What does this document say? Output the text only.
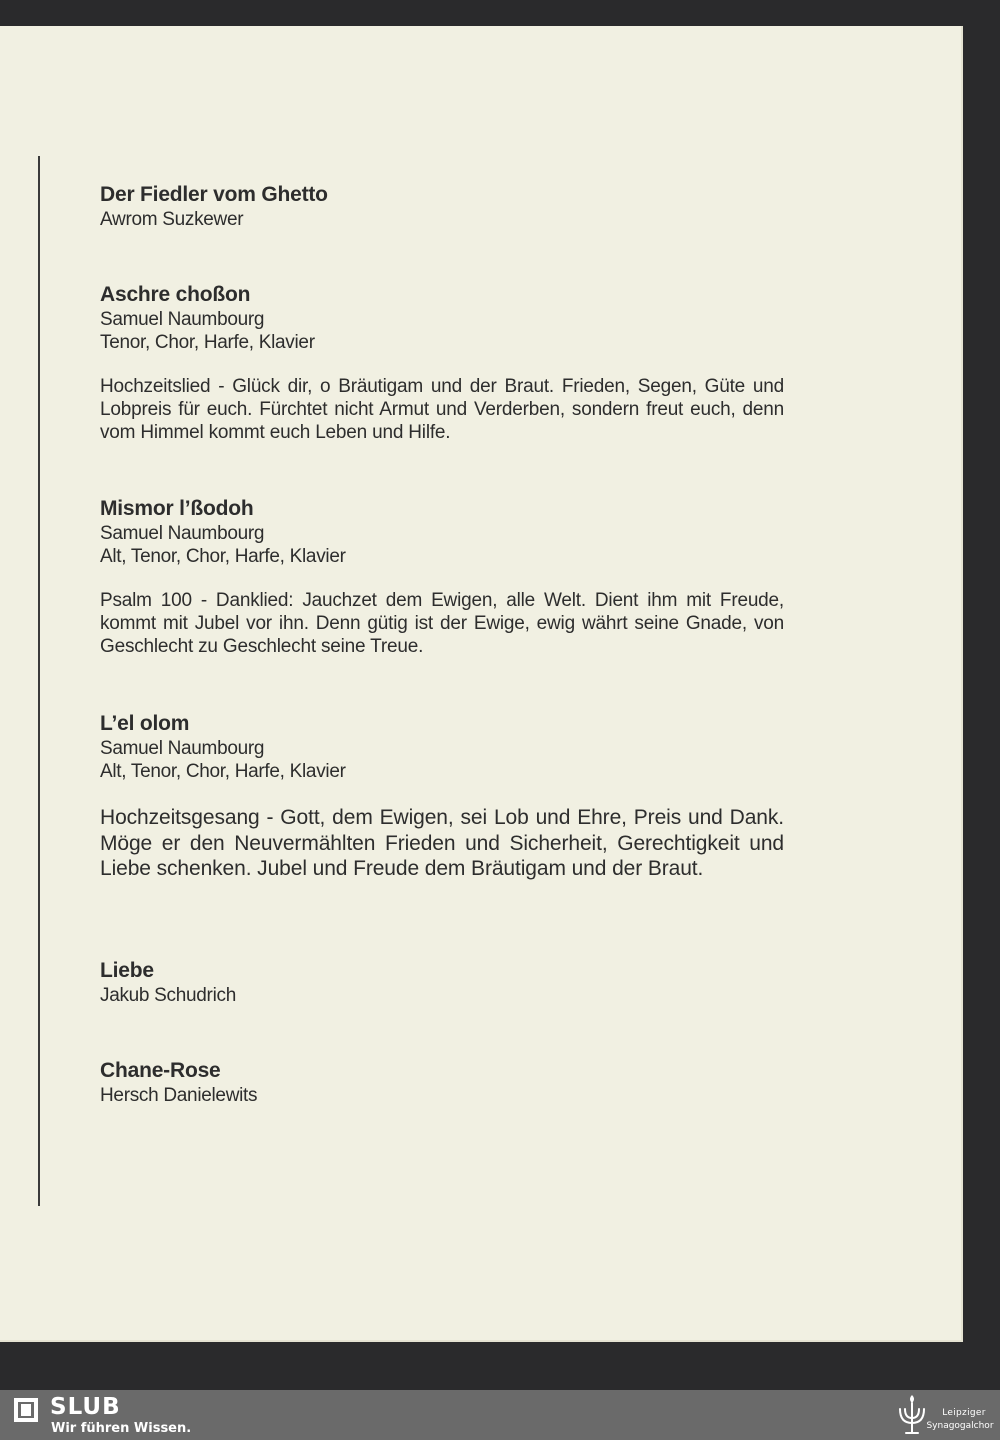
Der Fiedler vom Ghetto
Awrom Suzkewer
Aschre choßon
Samuel Naumbourg
Tenor, Chor, Harfe, Klavier
Hochzeitslied - Glück dir, o Bräutigam und der Braut. Frieden, Segen, Güte und Lobpreis für euch. Fürchtet nicht Armut und Verderben, sondern freut euch, denn vom Himmel kommt euch Leben und Hilfe.
Mismor l’ßodoh
Samuel Naumbourg
Alt, Tenor, Chor, Harfe, Klavier
Psalm 100 - Danklied: Jauchzet dem Ewigen, alle Welt. Dient ihm mit Freude, kommt mit Jubel vor ihn. Denn gütig ist der Ewige, ewig währt seine Gnade, von Geschlecht zu Geschlecht seine Treue.
L’el olom
Samuel Naumbourg
Alt, Tenor, Chor, Harfe, Klavier
Hochzeitsgesang - Gott, dem Ewigen, sei Lob und Ehre, Preis und Dank. Möge er den Neuvermählten Frieden und Sicherheit, Gerechtigkeit und Liebe schenken. Jubel und Freude dem Bräutigam und der Braut.
Liebe
Jakub Schudrich
Chane-Rose
Hersch Danielewits
SLUB
Wir führen Wissen.
Leipziger
Synagogalchor
